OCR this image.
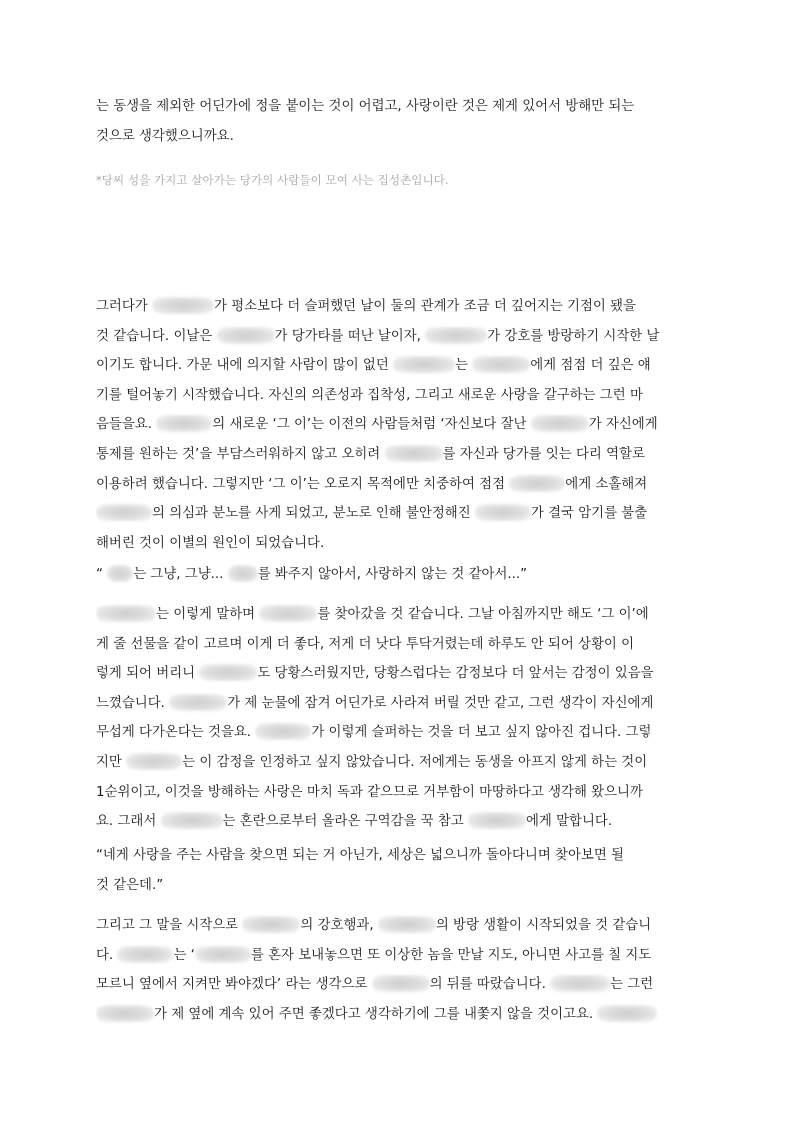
는 동생을 제외한 어딘가에 정을 붙이는 것이 어렵고, 사랑이란 것은 제게 있어서 방해만 되는
것으로 생각했으니까요.
*당씨 성을 가지고 살아가는 당가의 사람들이 모여 사는 집성촌입니다.
그러다가	가 평소보다 더 슬퍼했던 날이 둘의 관계가 조금 더 깊어지는 기점이 됐을
것 같습니다. 이날은	가 당가타를 떠난 날이자,	가 강호를 방랑하기 시작한 날
이기도 합니다. 가문 내에 의지할 사람이 많이 없던	는	에게 점점 더 깊은 얘
기를 털어놓기 시작했습니다. 자신의 의존성과 집착성, 그리고 새로운 사랑을 갈구하는 그런 마
음들을요.	의 새로운 ‘그 이’는 이전의 사람들처럼 ‘자신보다 잘난	가 자신에게
통제를 원하는 것’을 부담스러워하지 않고 오히려	를 자신과 당가를 잇는 다리 역할로
이용하려 했습니다. 그렇지만 ‘그 이’는 오로지 목적에만 치중하여 점점	에게 소홀해져
의 의심과 분노를 사게 되었고, 분노로 인해 불안정해진	가 결국 암기를 불출
해버린 것이 이별의 원인이 되었습니다.
“ 는 그냥, 그냥... 를 봐주지 않아서, 사랑하지 않는 것 같아서...”
는 이렇게 말하며	를 찾아갔을 것 같습니다. 그날 아침까지만 해도 ‘그 이’에
게 줄 선물을 같이 고르며 이게 더 좋다, 저게 더 낫다 투닥거렸는데 하루도 안 되어 상황이 이
렇게 되어 버리니	도 당황스러웠지만, 당황스럽다는 감정보다 더 앞서는 감정이 있음을
느꼈습니다.	가 제 눈물에 잠겨 어딘가로 사라져 버릴 것만 같고, 그런 생각이 자신에게
무섭게 다가온다는 것을요.	가 이렇게 슬퍼하는 것을 더 보고 싶지 않아진 겁니다. 그렇
지만	는 이 감정을 인정하고 싶지 않았습니다. 저에게는 동생을 아프지 않게 하는 것이
1순위이고, 이것을 방해하는 사랑은 마치 독과 같으므로 거부함이 마땅하다고 생각해 왔으니까
요. 그래서	는 혼란으로부터 올라온 구역감을 꾹 참고	에게 말합니다.
“네게 사랑을 주는 사람을 찾으면 되는 거 아닌가, 세상은 넓으니까 돌아다니며 찾아보면 될
것 같은데.”
그리고 그 말을 시작으로	의 강호행과,	의 방랑 생활이 시작되었을 것 같습니
다.	는 ‘	를 혼자 보내놓으면 또 이상한 놈을 만날 지도, 아니면 사고를 칠 지도
모르니 옆에서 지켜만 봐야겠다’ 라는 생각으로	의 뒤를 따랐습니다.	는 그런
가 제 옆에 계속 있어 주면 좋겠다고 생각하기에 그를 내쫓지 않을 것이고요.
